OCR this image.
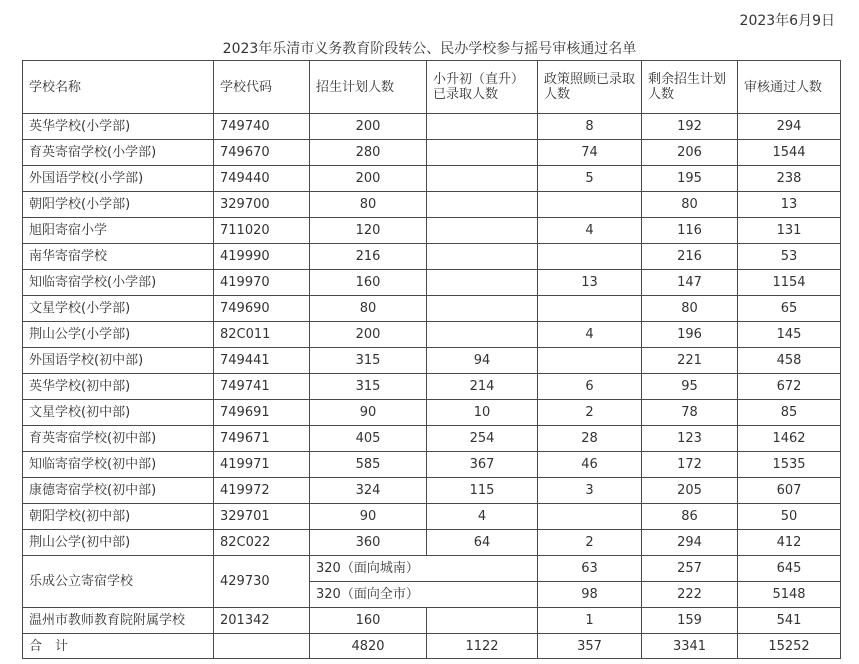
2023年6月9日
2023年乐清市义务教育阶段转公、民办学校参与摇号审核通过名单
学校名称	学校代码	招生计划人数	小升初（直升）已录取人数	政策照顾已录取人数	剩余招生计划人数	审核通过人数
英华学校(小学部)	749740	200		8	192	294
育英寄宿学校(小学部)	749670	280		74	206	1544
外国语学校(小学部)	749440	200		5	195	238
朝阳学校(小学部)	329700	80			80	13
旭阳寄宿小学	711020	120		4	116	131
南华寄宿学校	419990	216			216	53
知临寄宿学校(小学部)	419970	160		13	147	1154
文星学校(小学部)	749690	80			80	65
荆山公学(小学部)	82C011	200		4	196	145
外国语学校(初中部)	749441	315	94		221	458
英华学校(初中部)	749741	315	214	6	95	672
文星学校(初中部)	749691	90	10	2	78	85
育英寄宿学校(初中部)	749671	405	254	28	123	1462
知临寄宿学校(初中部)	419971	585	367	46	172	1535
康德寄宿学校(初中部)	419972	324	115	3	205	607
朝阳学校(初中部)	329701	90	4		86	50
荆山公学(初中部)	82C022	360	64	2	294	412
乐成公立寄宿学校	429730	320（面向城南）		63	257	645
		320（面向全市）		98	222	5148
温州市教师教育院附属学校	201342	160		1	159	541
合　计		4820	1122	357	3341	15252
